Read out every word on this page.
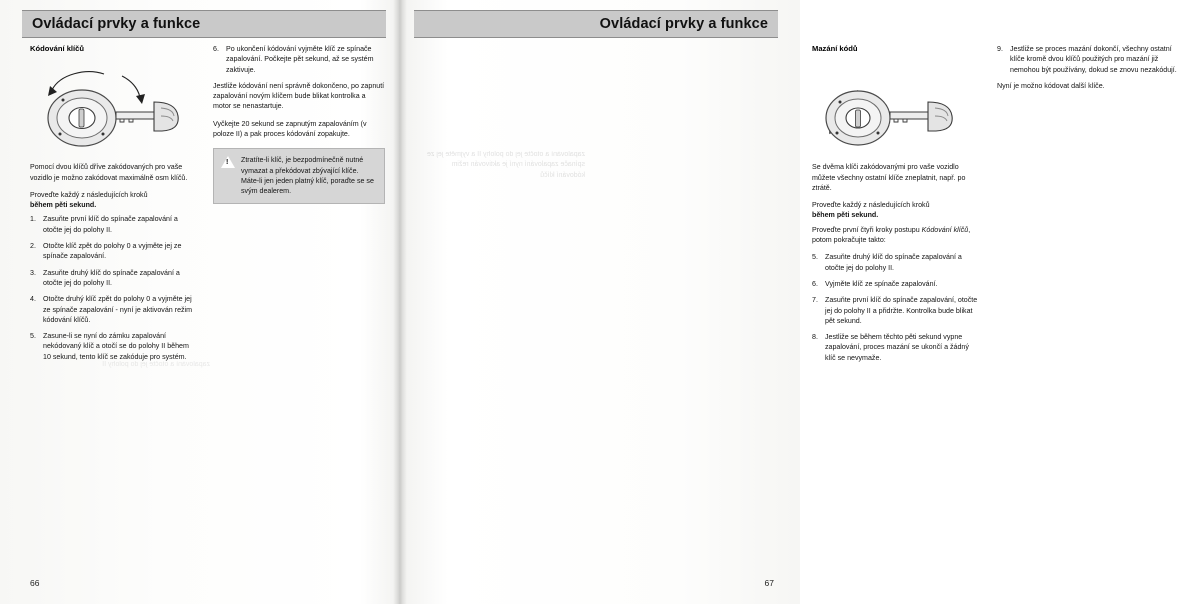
Ovládací prvky a funkce
Kódování klíčů

Pomocí dvou klíčů dříve zakódovaných pro vaše vozidlo je možno zakódovat maximálně osm klíčů.

Proveďte každý z následujících kroků
během pěti sekund.

1. Zasuňte první klíč do spínače zapalování a otočte jej do polohy II.
2. Otočte klíč zpět do polohy 0 a vyjměte jej ze spínače zapalování.
3. Zasuňte druhý klíč do spínače zapalování a otočte jej do polohy II.
4. Otočte druhý klíč zpět do polohy 0 a vyjměte jej ze spínače zapalování - nyní je aktivován režim kódování klíčů.
5. Zasune-li se nyní do zámku zapalování nekódovaný klíč a otočí se do polohy II během 10 sekund, tento klíč se zakóduje pro systém.
6. Po ukončení kódování vyjměte klíč ze spínače zapalování. Počkejte pět sekund, až se systém zaktivuje.

Jestliže kódování není správně dokončeno, po zapnutí zapalování novým klíčem bude blikat kontrolka a motor se nenastartuje.

Vyčkejte 20 sekund se zapnutým zapalováním (v poloze II) a pak proces kódování zopakujte.

!
Ztratíte-li klíč, je bezpodmínečně nutné vymazat a překódovat zbývající klíče. Máte-li jen jeden platný klíč, poraďte se se svým dealerem.
66
zapalování a otočte jej do polohy II
Ovládací prvky a funkce
Mazání kódů

Se dvěma klíči zakódovanými pro vaše vozidlo můžete všechny ostatní klíče zneplatnit, např. po ztrátě.

Proveďte každý z následujících kroků
během pěti sekund.

Proveďte první čtyři kroky postupu Kódování klíčů, potom pokračujte takto:

5. Zasuňte druhý klíč do spínače zapalování a otočte jej do polohy II.
6. Vyjměte klíč ze spínače zapalování.
7. Zasuňte první klíč do spínače zapalování, otočte jej do polohy II a přidržte. Kontrolka bude blikat pět sekund.
8. Jestliže se během těchto pěti sekund vypne zapalování, proces mazání se ukončí a žádný klíč se nevymaže.
9. Jestliže se proces mazání dokončí, všechny ostatní klíče kromě dvou klíčů použitých pro mazání již nemohou být používány, dokud se znovu nezakódují.

Nyní je možno kódovat další klíče.

67
